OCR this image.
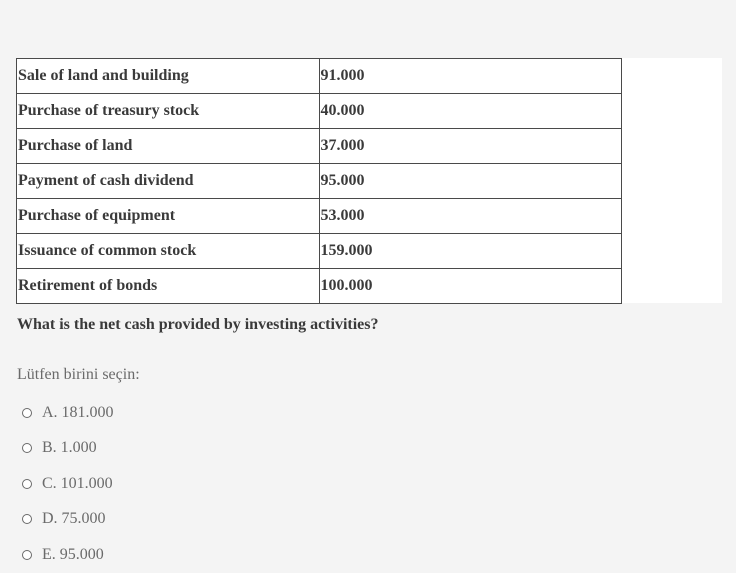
Sale of land and building	91.000
Purchase of treasury stock	40.000
Purchase of land	37.000
Payment of cash dividend	95.000
Purchase of equipment	53.000
Issuance of common stock	159.000
Retirement of bonds	100.000
What is the net cash provided by investing activities?
Lütfen birini seçin:
A. 181.000
B. 1.000
C. 101.000
D. 75.000
E. 95.000
